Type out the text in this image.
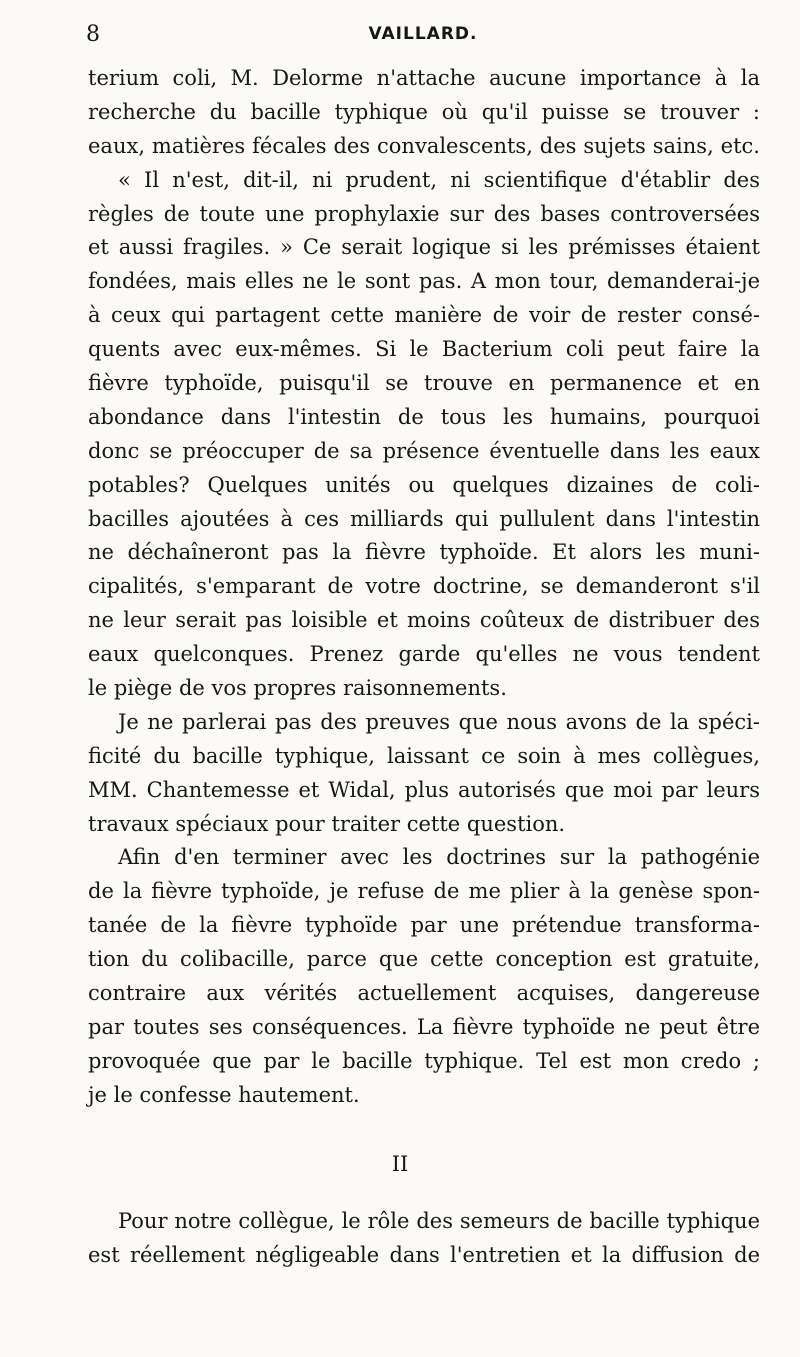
8	VAILLARD.
terium coli, M. Delorme n'attache aucune importance à la
recherche du bacille typhique où qu'il puisse se trouver :
eaux, matières fécales des convalescents, des sujets sains, etc.
« Il n'est, dit-il, ni prudent, ni scientifique d'établir des
règles de toute une prophylaxie sur des bases controversées
et aussi fragiles. » Ce serait logique si les prémisses étaient
fondées, mais elles ne le sont pas. A mon tour, demanderai-je
à ceux qui partagent cette manière de voir de rester consé-
quents avec eux-mêmes. Si le Bacterium coli peut faire la
fièvre typhoïde, puisqu'il se trouve en permanence et en
abondance dans l'intestin de tous les humains, pourquoi
donc se préoccuper de sa présence éventuelle dans les eaux
potables? Quelques unités ou quelques dizaines de coli-
bacilles ajoutées à ces milliards qui pullulent dans l'intestin
ne déchaîneront pas la fièvre typhoïde. Et alors les muni-
cipalités, s'emparant de votre doctrine, se demanderont s'il
ne leur serait pas loisible et moins coûteux de distribuer des
eaux quelconques. Prenez garde qu'elles ne vous tendent
le piège de vos propres raisonnements.
Je ne parlerai pas des preuves que nous avons de la spéci-
ficité du bacille typhique, laissant ce soin à mes collègues,
MM. Chantemesse et Widal, plus autorisés que moi par leurs
travaux spéciaux pour traiter cette question.
Afin d'en terminer avec les doctrines sur la pathogénie
de la fièvre typhoïde, je refuse de me plier à la genèse spon-
tanée de la fièvre typhoïde par une prétendue transforma-
tion du colibacille, parce que cette conception est gratuite,
contraire aux vérités actuellement acquises, dangereuse
par toutes ses conséquences. La fièvre typhoïde ne peut être
provoquée que par le bacille typhique. Tel est mon credo ;
je le confesse hautement.
II
Pour notre collègue, le rôle des semeurs de bacille typhique
est réellement négligeable dans l'entretien et la diffusion de
